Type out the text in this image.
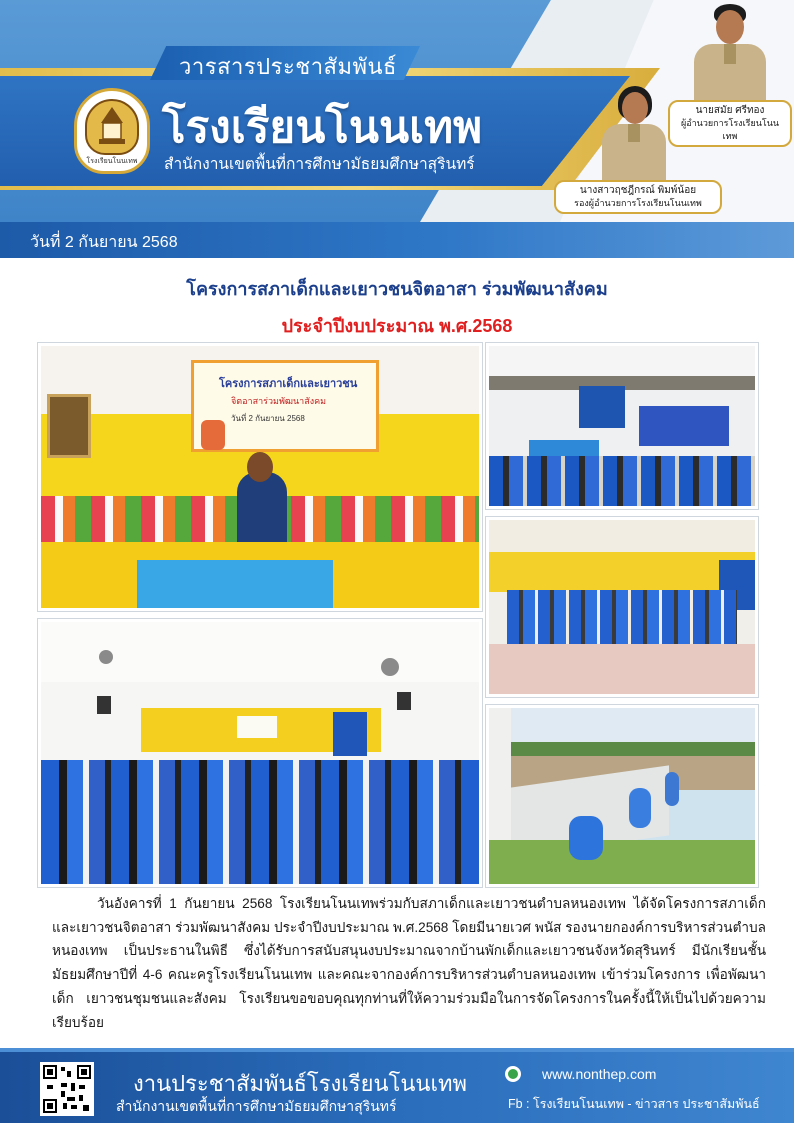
วารสารประชาสัมพันธ์
โรงเรียนโนนเทพ
โรงเรียนโนนเทพ
สำนักงานเขตพื้นที่การศึกษามัธยมศึกษาสุรินทร์
นายสมัย ศรีทอง
ผู้อำนวยการโรงเรียนโนนเทพ
นางสาวฤชฎีกรณ์ พิมพ์น้อย
รองผู้อำนวยการโรงเรียนโนนเทพ
วันที่ 2 กันยายน 2568
โครงการสภาเด็กและเยาวชนจิตอาสา ร่วมพัฒนาสังคม
ประจำปีงบประมาณ พ.ศ.2568
โครงการสภาเด็กและเยาวชน
จิตอาสาร่วมพัฒนาสังคม
วันที่ 2 กันยายน 2568
วันอังคารที่ 1 กันยายน 2568 โรงเรียนโนนเทพร่วมกับสภาเด็กและเยาวชนตำบลหนองเทพ ได้จัดโครงการสภาเด็กและเยาวชนจิตอาสา ร่วมพัฒนาสังคม ประจำปีงบประมาณ พ.ศ.2568 โดยมีนายเวศ พนัส รองนายกองค์การบริหารส่วนตำบลหนองเทพ เป็นประธานในพิธี ซึ่งได้รับการสนับสนุนงบประมาณจากบ้านพักเด็กและเยาวชนจังหวัดสุรินทร์ มีนักเรียนชั้นมัธยมศึกษาปีที่ 4-6 คณะครูโรงเรียนโนนเทพ และคณะจากองค์การบริหารส่วนตำบลหนองเทพ เข้าร่วมโครงการ เพื่อพัฒนาเด็ก เยาวชนชุมชนและสังคม โรงเรียนขอขอบคุณทุกท่านที่ให้ความร่วมมือในการจัดโครงการในครั้งนี้ให้เป็นไปด้วยความเรียบร้อย
งานประชาสัมพันธ์โรงเรียนโนนเทพ
สำนักงานเขตพื้นที่การศึกษามัธยมศึกษาสุรินทร์
www.nonthep.com
Fb : โรงเรียนโนนเทพ - ข่าวสาร ประชาสัมพันธ์
